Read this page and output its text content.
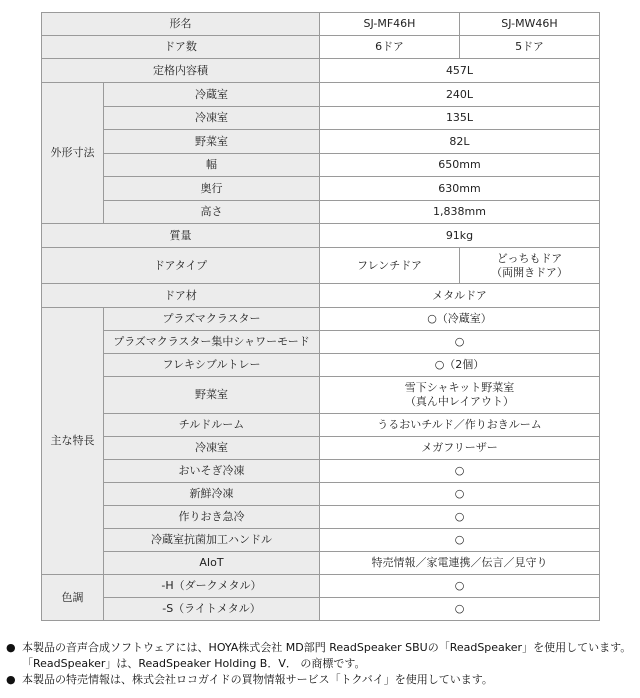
形名		SJ-MF46H	SJ-MW46H
ドア数		6ドア	5ドア
定格内容積		457L	
外形寸法	冷蔵室	240L	
	冷凍室	135L	
	野菜室	82L	
	幅	650mm	
	奥行	630mm	
	高さ	1,838mm	
質量		91kg	
ドアタイプ		フレンチドア	どっちもドア
（両開きドア）

ドア材		メタルドア	
主な特長	プラズマクラスター	○（冷蔵室）	
	プラズマクラスター集中シャワーモード	○	
	フレキシブルトレー	○（2個）	
	野菜室	雪下シャキット野菜室
（真ん中レイアウト）	

	チルドルーム	うるおいチルド／作りおきルーム	
	冷凍室	メガフリーザー	
	おいそぎ冷凍	○	
	新鮮冷凍	○	
	作りおき急冷	○	
	冷蔵室抗菌加工ハンドル	○	
	AIoT	特売情報／家電連携／伝言／見守り	
色調	-H（ダークメタル）	○	
	-S（ライトメタル）	○	
● 本製品の音声合成ソフトウェアには、HOYA株式会社 MD部門 ReadSpeaker SBUの「ReadSpeaker」を使用しています。「ReadSpeaker」は、ReadSpeaker Holding B．V． の商標です。
● 本製品の特売情報は、株式会社ロコガイドの買物情報サービス「トクバイ」を使用しています。
